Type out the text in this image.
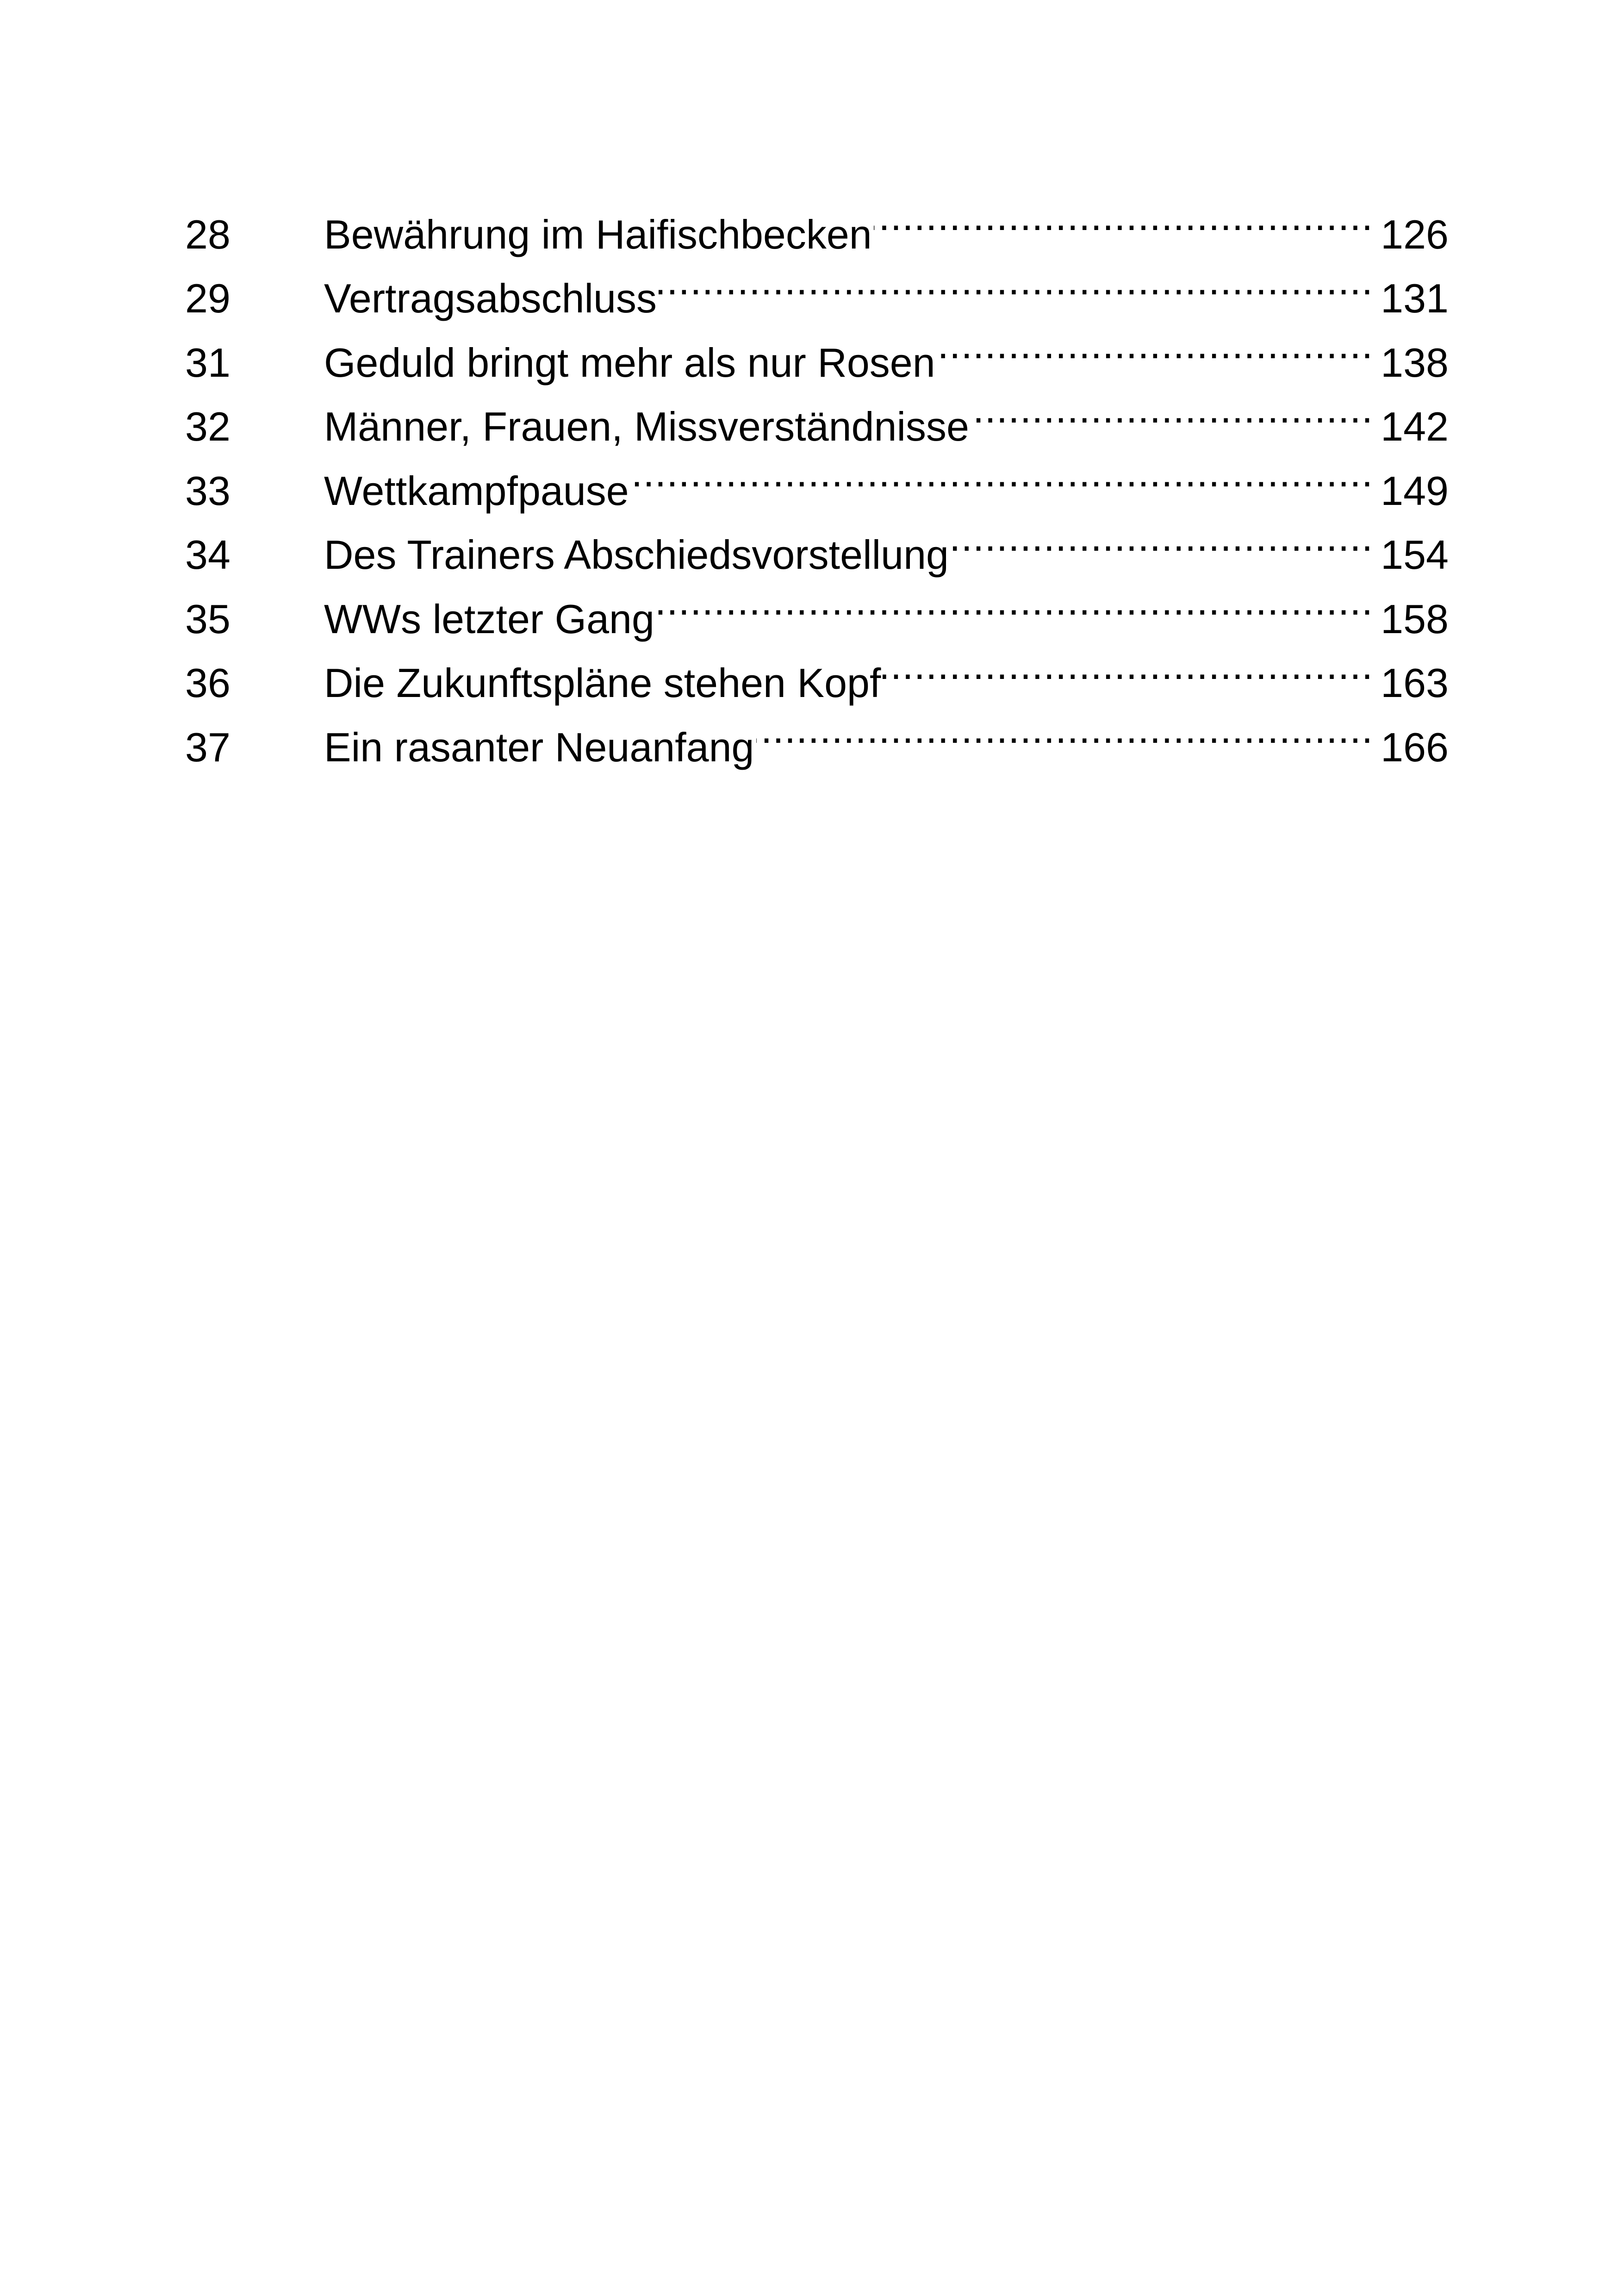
28	Bewährung im Haifischbecken .....	126
29	Vertragsabschluss .....	131
31	Geduld bringt mehr als nur Rosen .....	138
32	Männer, Frauen, Missverständnisse .....	142
33	Wettkampfpause .....	149
34	Des Trainers Abschiedsvorstellung .....	154
35	WWs letzter Gang .....	158
36	Die Zukunftspläne stehen Kopf .....	163
37	Ein rasanter Neuanfang .....	166
